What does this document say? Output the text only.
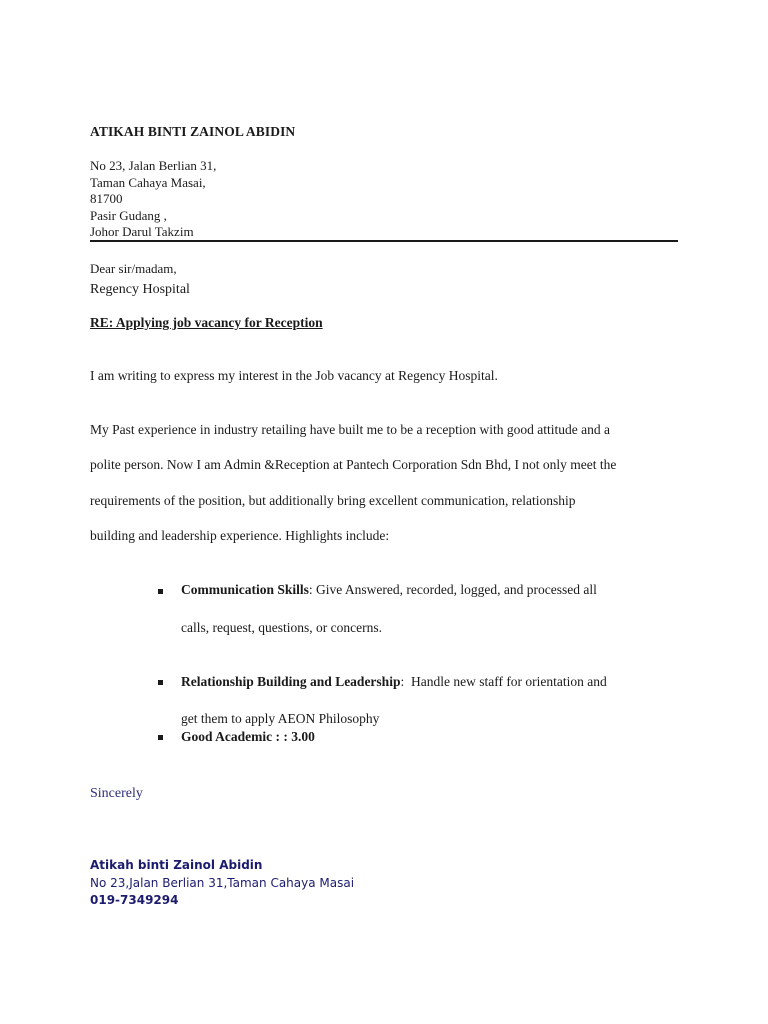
ATIKAH BINTI ZAINOL ABIDIN
No 23, Jalan Berlian 31,
Taman Cahaya Masai,
81700
Pasir Gudang ,
Johor Darul Takzim
Dear sir/madam,
Regency Hospital
RE: Applying job vacancy for Reception
I am writing to express my interest in the Job vacancy at Regency Hospital.
My Past experience in industry retailing have built me to be a reception with good attitude and a
polite person. Now I am Admin &Reception at Pantech Corporation Sdn Bhd, I not only meet the
requirements of the position, but additionally bring excellent communication, relationship
building and leadership experience. Highlights include:
Communication Skills: Give Answered, recorded, logged, and processed all
calls, request, questions, or concerns.
Relationship Building and Leadership:  Handle new staff for orientation and
get them to apply AEON Philosophy
Good Academic : : 3.00
Sincerely
Atikah binti Zainol Abidin
No 23,Jalan Berlian 31,Taman Cahaya Masai
019-7349294
